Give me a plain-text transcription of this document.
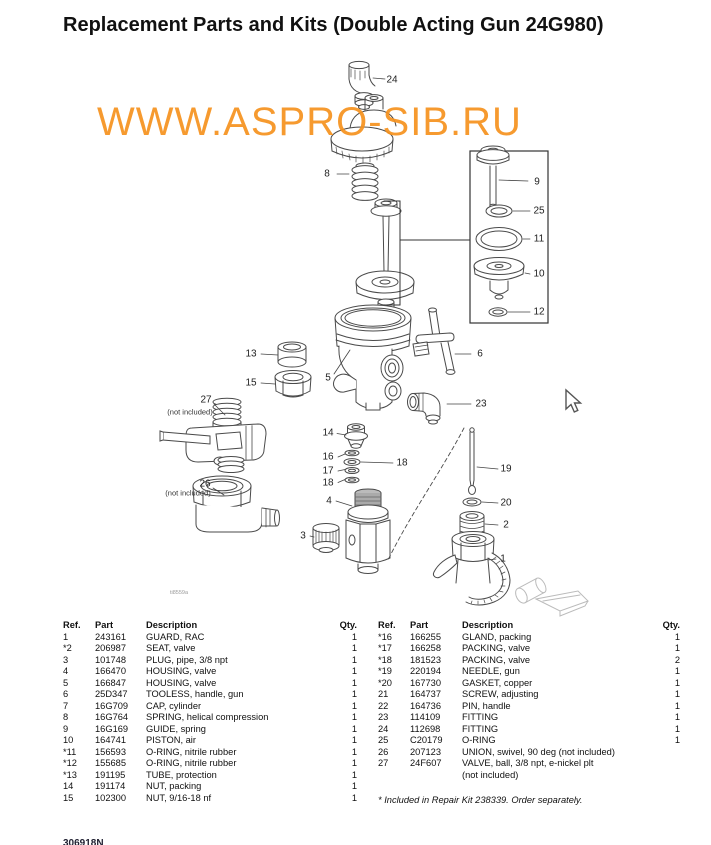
Replacement Parts and Kits (Double Acting Gun 24G980)
WWW.ASPRO-SIB.RU
24
8
9
25
11
10
12
13
15	5
6
23
27
(not included)
26
(not included)
14
16
17
18
18
4
3
19
20
2
1
ti8559a
Ref.	Part	Description	Qty.
1	243161	GUARD, RAC	1
*2	206987	SEAT, valve	1
3	101748	PLUG, pipe, 3/8 npt	1
4	166470	HOUSING, valve	1
5	166847	HOUSING, valve	1
6	25D347	TOOLESS, handle, gun	1
7	16G709	CAP, cylinder	1
8	16G764	SPRING, helical compression	1
9	16G169	GUIDE, spring	1
10	164741	PISTON, air	1
*11	156593	O-RING, nitrile rubber	1
*12	155685	O-RING, nitrile rubber	1
*13	191195	TUBE, protection	1
14	191174	NUT, packing	1
15	102300	NUT, 9/16-18 nf	1
Ref.	Part	Description	Qty.
*16	166255	GLAND, packing	1
*17	166258	PACKING, valve	1
*18	181523	PACKING, valve	2
*19	220194	NEEDLE, gun	1
*20	167730	GASKET, copper	1
21	164737	SCREW, adjusting	1
22	164736	PIN, handle	1
23	114109	FITTING	1
24	112698	FITTING	1
25	C20179	O-RING	1
26	207123	UNION, swivel, 90 deg (not included)
27	24F607	VALVE, ball, 3/8 npt, e-nickel plt
(not included)
* Included in Repair Kit 238339. Order separately.
306918N
